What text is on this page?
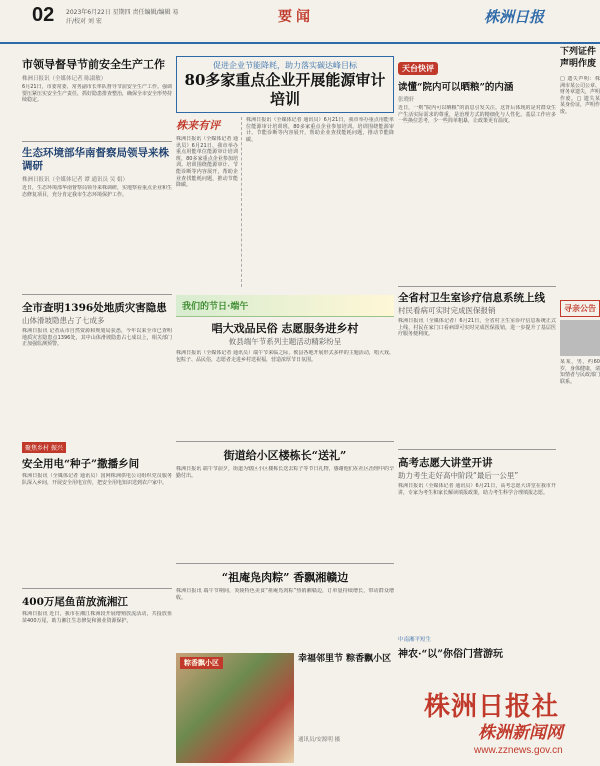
02 2023年6月22日 星期四 责任编辑/编辑 易汗/校对 刘 宏	要闻	株洲日报
下列证件声明作废
市领导督导节前安全生产工作
株洲日报讯（全媒体记者 陈淑敏）
6月21日，市委常委、常务副市长率队督导节前安全生产工作。强调要压紧压实安全生产责任，抓好隐患排查整治，确保全市安全形势持续稳定。
生态环境部华南督察局领导来株调研
株洲日报讯（全媒体记者 谭 通讯员 吴 娟）
近日，生态环境部华南督察局领导来株调研，实地察看重点企业和生态修复项目，充分肯定我市生态环境保护工作。
全市查明1396处地质灾害隐患
山体滑坡隐患占了七成多
株洲日报讯 记者从市自然资源和规划局获悉，今年以来全市已查明地质灾害隐患点1396处，其中山体滑坡隐患占七成以上，相关部门正加强监测预警。
聚焦乡村 振兴
安全用电“种子”撒播乡间
株洲日报讯（全媒体记者 通讯员）国网株洲供电公司组织党员服务队深入乡间，开展安全用电宣传，把安全用电知识送到农户家中。
400万尾鱼苗放流湘江
株洲日报讯 近日，我市在湘江株洲段开展增殖放流活动，共投放鱼苗400万尾，助力湘江生态修复和渔业资源保护。
促进企业节能降耗，助力落实碳达峰目标
80多家重点企业开展能源审计培训
株来有评
株洲日报讯（全媒体记者 通讯员）6月21日，我市举办重点用能单位能源审计培训班，80多家重点企业参加培训。培训围绕能源审计、节能诊断等内容展开，帮助企业查找能耗问题，推动节能降碳。
株洲日报讯（全媒体记者 通讯员）6月21日，我市举办重点用能单位能源审计培训班，80多家重点企业参加培训。培训围绕能源审计、节能诊断等内容展开，帮助企业查找能耗问题，推动节能降碳。
我们的节日·端午
唱大戏品民俗 志愿服务进乡村
攸县端午节系列主题活动精彩纷呈
株洲日报讯（全媒体记者 通讯员）端午节来临之际，攸县各地开展形式多样的主题活动，唱大戏、包粽子、品民俗，志愿者走进乡村送祝福，营造浓厚节日氛围。
街道给小区楼栋长“送礼”
株洲日报讯 端午节前夕，街道为辖区小区楼栋长送去粽子等节日礼物，感谢他们在社区治理中的辛勤付出。
“祖庵凫肉粽” 香飘湘赣边
株洲日报讯 端午节期间，炎陵特色美食“祖庵凫肉粽”热销湘赣边，订单量持续增长，带动群众增收。
粽香飘小区	幸福邻里节 粽香飘小区
通讯员/安源明 摄
天台快评
读懂“院内可以晒粮”的内涵
张晓轩
近日，一则“院内可以晒粮”的消息引发关注。这背后体现的是对群众生产生活实际需求的尊重，是治理方式的精细化与人性化。基层工作应多一些换位思考，少一些简单粗暴，让政策更有温度。
全省村卫生室诊疗信息系统上线
村民看病可实时完成医保报销
株洲日报讯（全媒体记者）6月21日，全省村卫生室诊疗信息系统正式上线，村民在家门口看病即可实时完成医保报销，进一步提升了基层医疗服务便利度。
高考志愿大讲堂开讲
助力考生走好高中阶段“最后一公里”
株洲日报讯（全媒体记者 通讯员）6月21日，高考志愿大讲堂在我市开讲，专家为考生和家长解读填报政策，助力考生科学合理填报志愿。
中南湘平短生
神农·“以”你俗门营游玩
□ 遗失声明：株洲市某公司公章、财务章遗失，声明作废。□ 遗失某某身份证，声明作废。
寻亲公告
某某，男，约60岁，身体健康，请知情者与民政部门联系。
株洲日报社
株洲新闻网
www.zznews.gov.cn
